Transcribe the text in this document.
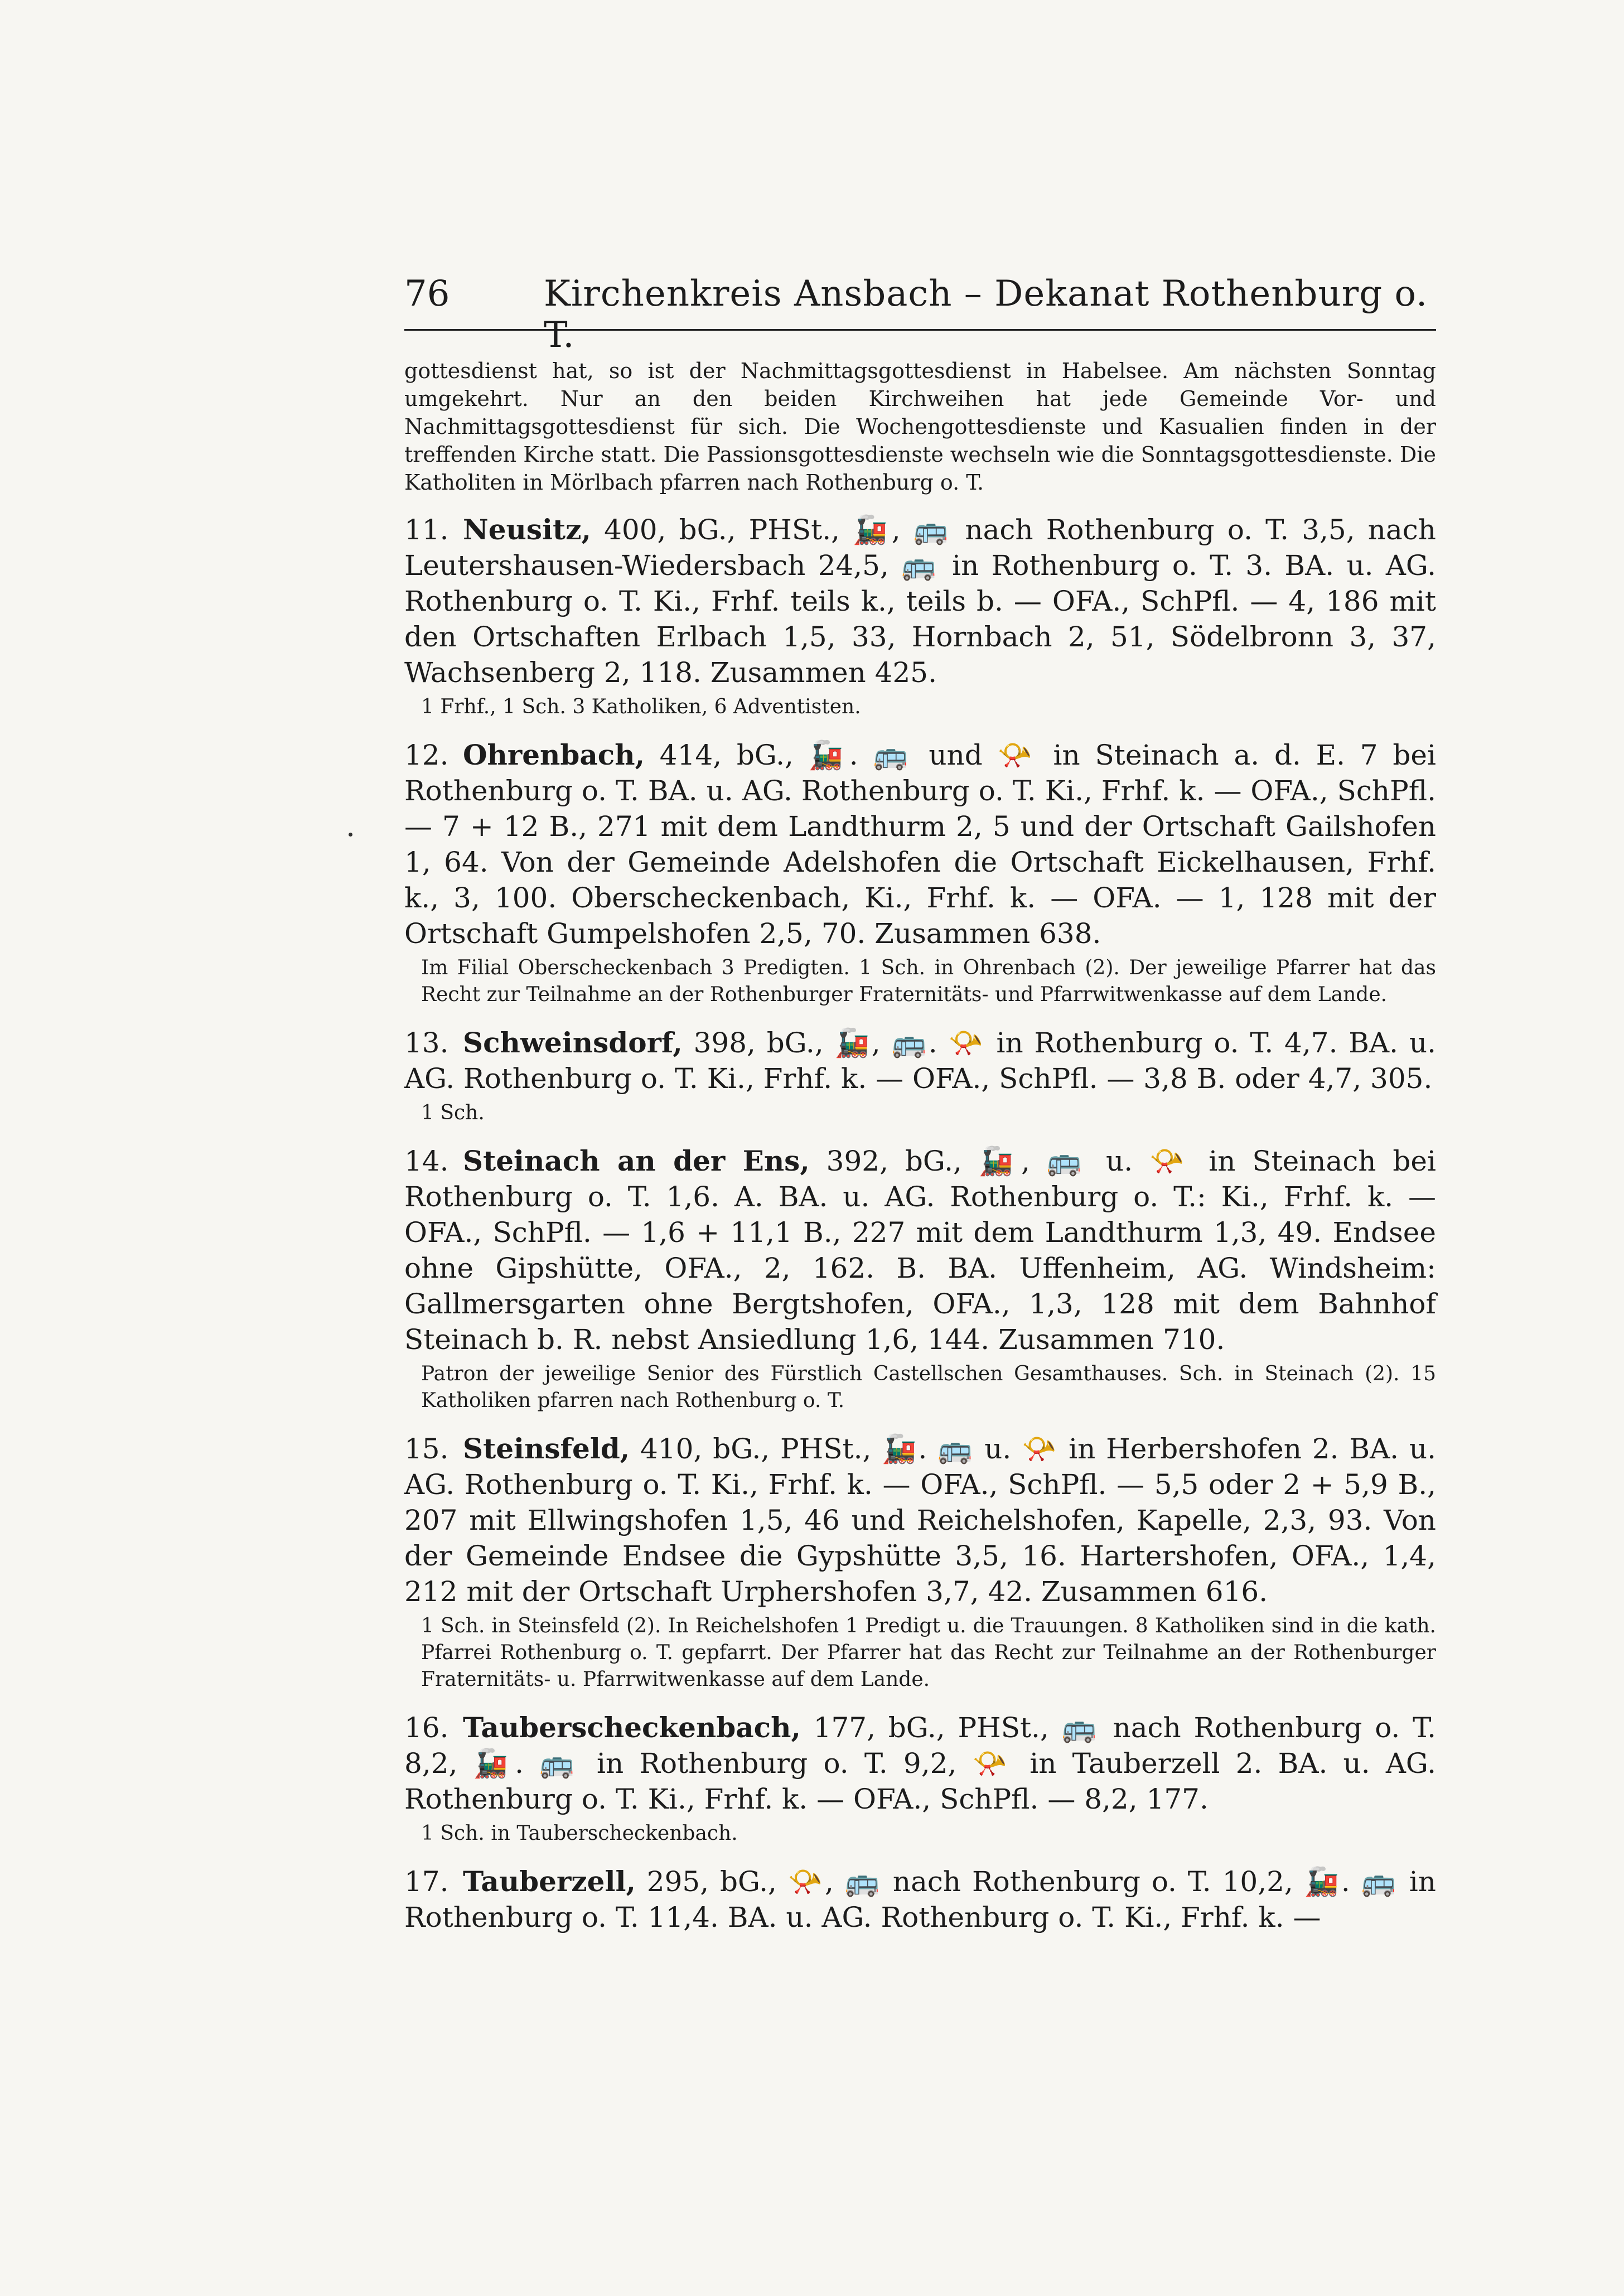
76	Kirchenkreis Ansbach – Dekanat Rothenburg o. T.

gottesdienst hat, so ist der Nachmittagsgottesdienst in Habelsee. Am nächsten Sonntag umgekehrt. Nur an den beiden Kirchweihen hat jede Gemeinde Vor- und Nachmittagsgottesdienst für sich. Die Wochengottesdienste und Kasualien finden in der treffenden Kirche statt. Die Passionsgottesdienste wechseln wie die Sonntagsgottesdienste. Die Katholiten in Mörlbach pfarren nach Rothenburg o. T.

11. Neusitz, 400, bG., PHSt., 🚂, 🚌 nach Rothenburg o. T. 3,5, nach Leutershausen-Wiedersbach 24,5, 🚌 in Rothenburg o. T. 3. BA. u. AG. Rothenburg o. T. Ki., Frhf. teils k., teils b. — OFA., SchPfl. — 4, 186 mit den Ortschaften Erlbach 1,5, 33, Hornbach 2, 51, Södelbronn 3, 37, Wachsenberg 2, 118. Zusammen 425.

1 Frhf., 1 Sch. 3 Katholiken, 6 Adventisten.

12. Ohrenbach, 414, bG., 🚂. 🚌 und 📯 in Steinach a. d. E. 7 bei Rothenburg o. T. BA. u. AG. Rothenburg o. T. Ki., Frhf. k. — OFA., SchPfl. — 7 + 12 B., 271 mit dem Landthurm 2, 5 und der Ortschaft Gailshofen 1, 64. Von der Gemeinde Adelshofen die Ortschaft Eickelhausen, Frhf. k., 3, 100. Oberscheckenbach, Ki., Frhf. k. — OFA. — 1, 128 mit der Ortschaft Gumpelshofen 2,5, 70. Zusammen 638.

Im Filial Oberscheckenbach 3 Predigten. 1 Sch. in Ohrenbach (2). Der jeweilige Pfarrer hat das Recht zur Teilnahme an der Rothenburger Fraternitäts- und Pfarrwitwenkasse auf dem Lande.

13. Schweinsdorf, 398, bG., 🚂, 🚌. 📯 in Rothenburg o. T. 4,7. BA. u. AG. Rothenburg o. T. Ki., Frhf. k. — OFA., SchPfl. — 3,8 B. oder 4,7, 305.

1 Sch.

14. Steinach an der Ens, 392, bG., 🚂, 🚌 u. 📯 in Steinach bei Rothenburg o. T. 1,6. A. BA. u. AG. Rothenburg o. T.: Ki., Frhf. k. — OFA., SchPfl. — 1,6 + 11,1 B., 227 mit dem Landthurm 1,3, 49. Endsee ohne Gipshütte, OFA., 2, 162. B. BA. Uffenheim, AG. Windsheim: Gallmersgarten ohne Bergtshofen, OFA., 1,3, 128 mit dem Bahnhof Steinach b. R. nebst Ansiedlung 1,6, 144. Zusammen 710.

Patron der jeweilige Senior des Fürstlich Castellschen Gesamthauses. Sch. in Steinach (2). 15 Katholiken pfarren nach Rothenburg o. T.

15. Steinsfeld, 410, bG., PHSt., 🚂. 🚌 u. 📯 in Herbershofen 2. BA. u. AG. Rothenburg o. T. Ki., Frhf. k. — OFA., SchPfl. — 5,5 oder 2 + 5,9 B., 207 mit Ellwingshofen 1,5, 46 und Reichelshofen, Kapelle, 2,3, 93. Von der Gemeinde Endsee die Gypshütte 3,5, 16. Hartershofen, OFA., 1,4, 212 mit der Ortschaft Urphershofen 3,7, 42. Zusammen 616.

1 Sch. in Steinsfeld (2). In Reichelshofen 1 Predigt u. die Trauungen. 8 Katholiken sind in die kath. Pfarrei Rothenburg o. T. gepfarrt. Der Pfarrer hat das Recht zur Teilnahme an der Rothenburger Fraternitäts- u. Pfarrwitwenkasse auf dem Lande.

16. Tauberscheckenbach, 177, bG., PHSt., 🚌 nach Rothenburg o. T. 8,2, 🚂. 🚌 in Rothenburg o. T. 9,2, 📯 in Tauberzell 2. BA. u. AG. Rothenburg o. T. Ki., Frhf. k. — OFA., SchPfl. — 8,2, 177.

1 Sch. in Tauberscheckenbach.

17. Tauberzell, 295, bG., 📯, 🚌 nach Rothenburg o. T. 10,2, 🚂. 🚌 in Rothenburg o. T. 11,4. BA. u. AG. Rothenburg o. T. Ki., Frhf. k. —
